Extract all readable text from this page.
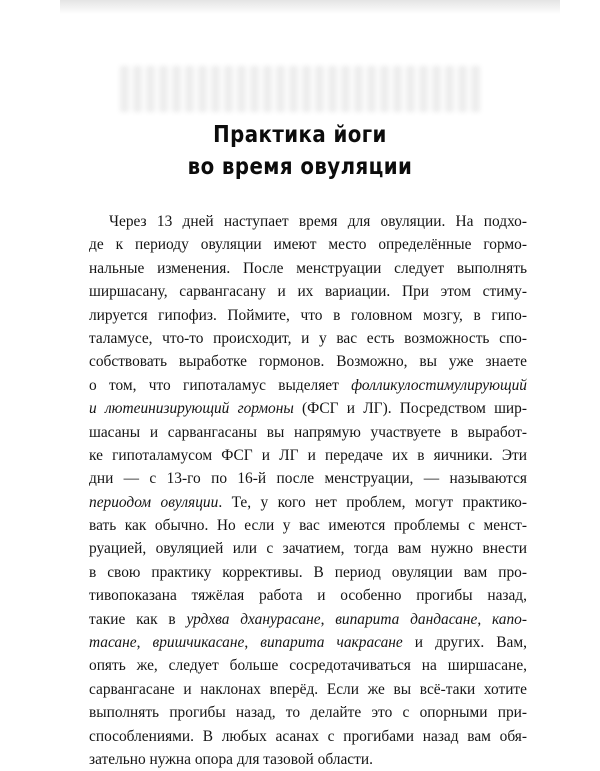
Практика йоги
во время овуляции
Через 13 дней наступает время для овуляции. На подхо-
де к периоду овуляции имеют место определённые гормо-
нальные изменения. После менструации следует выполнять
ширшасану, сарвангасану и их вариации. При этом стиму-
лируется гипофиз. Поймите, что в головном мозгу, в гипо-
таламусе, что-то происходит, и у вас есть возможность спо-
собствовать выработке гормонов. Возможно, вы уже знаете
о том, что гипоталамус выделяет фолликулостимулирующий
и лютеинизирующий гормоны (ФСГ и ЛГ). Посредством шир-
шасаны и сарвангасаны вы напрямую участвуете в выработ-
ке гипоталамусом ФСГ и ЛГ и передаче их в яичники. Эти
дни — с 13-го по 16-й после менструации, — называются
периодом овуляции. Те, у кого нет проблем, могут практико-
вать как обычно. Но если у вас имеются проблемы с менст-
руацией, овуляцией или с зачатием, тогда вам нужно внести
в свою практику коррективы. В период овуляции вам про-
тивопоказана тяжёлая работа и особенно прогибы назад,
такие как в урдхва дханурасане, випарита дандасане, капо-
тасане, вришчикасане, випарита чакрасане и других. Вам,
опять же, следует больше сосредотачиваться на ширшасане,
сарвангасане и наклонах вперёд. Если же вы всё-таки хотите
выполнять прогибы назад, то делайте это с опорными при-
способлениями. В любых асанах с прогибами назад вам обя-
зательно нужна опора для тазовой области.
